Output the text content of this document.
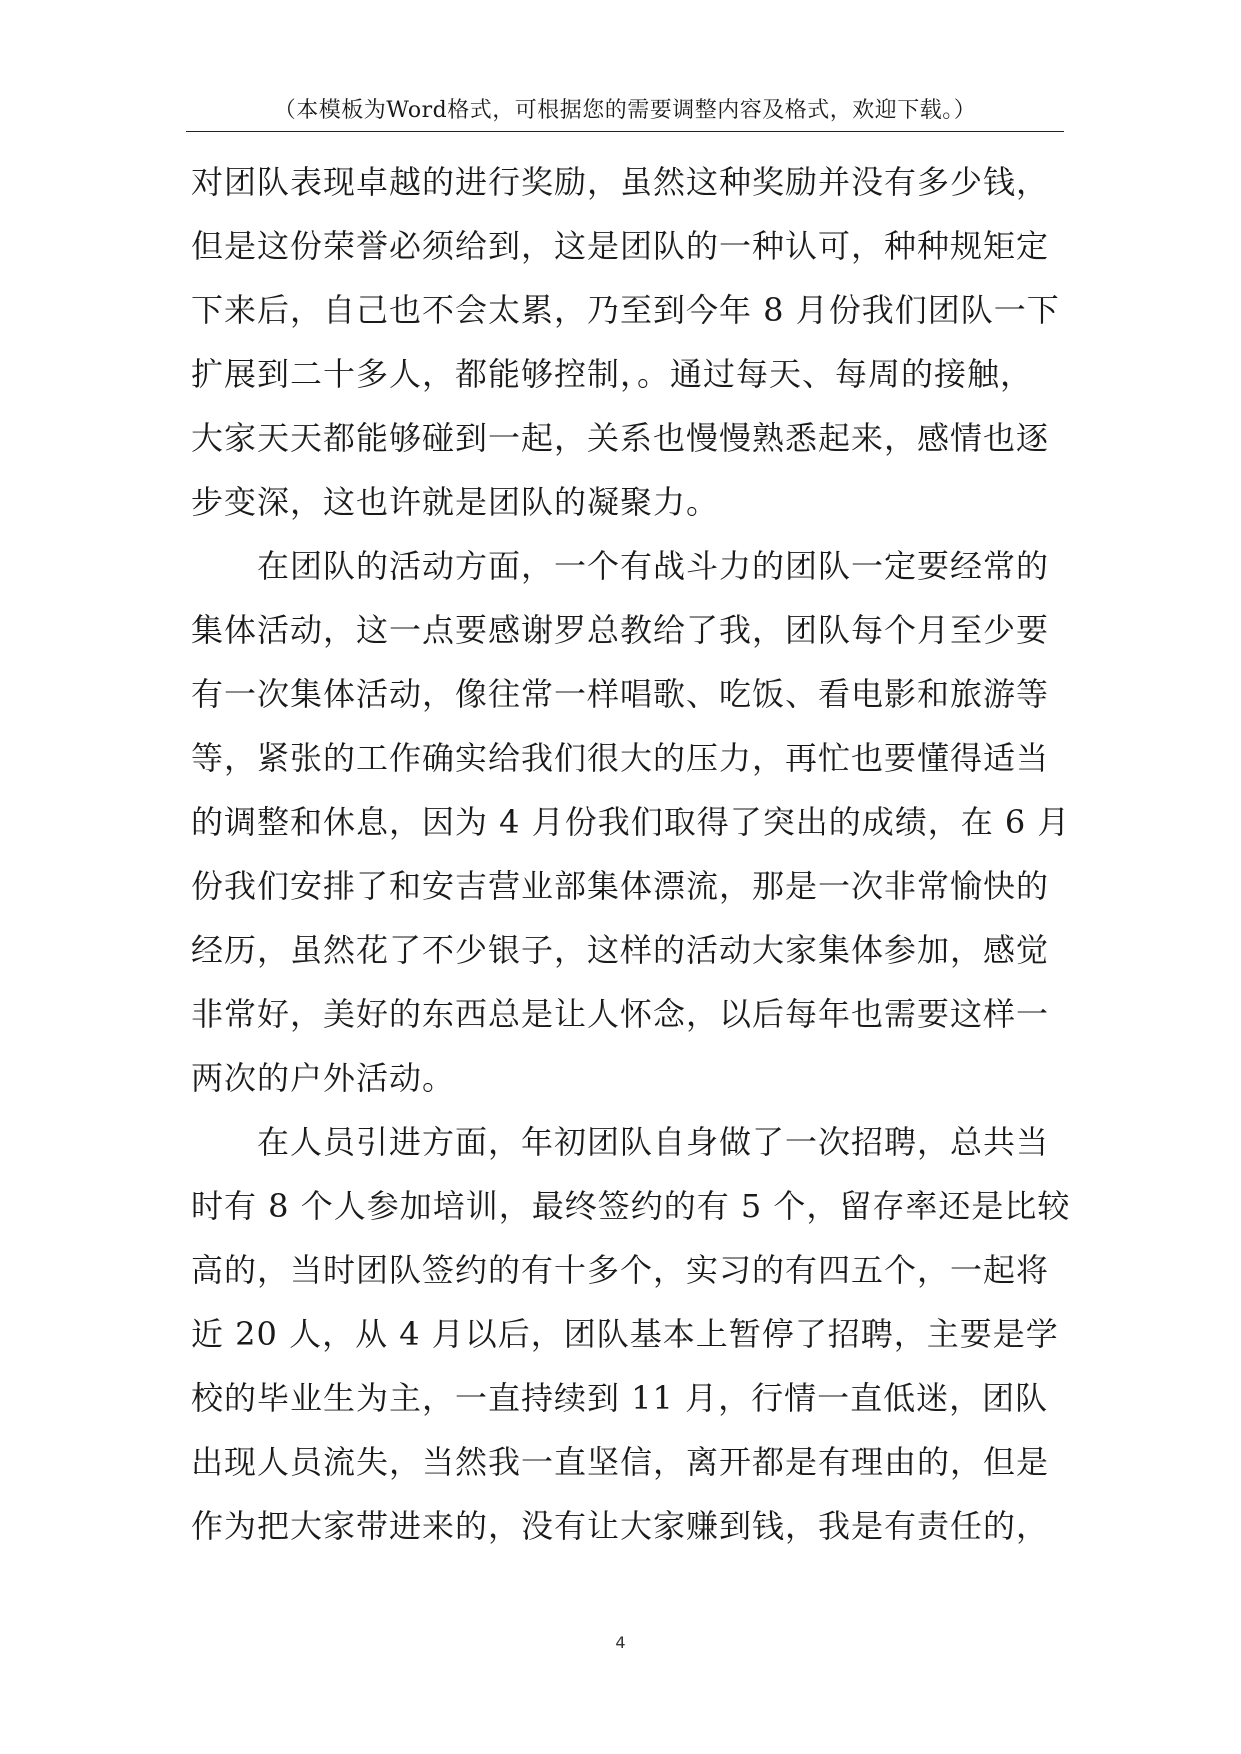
（本模板为Word格式，可根据您的需要调整内容及格式，欢迎下载。）
对团队表现卓越的进行奖励，虽然这种奖励并没有多少钱，
但是这份荣誉必须给到，这是团队的一种认可，种种规矩定
下来后，自己也不会太累，乃至到今年 8 月份我们团队一下
扩展到二十多人，都能够控制，。通过每天、每周的接触，
大家天天都能够碰到一起，关系也慢慢熟悉起来，感情也逐
步变深，这也许就是团队的凝聚力。
　　在团队的活动方面，一个有战斗力的团队一定要经常的
集体活动，这一点要感谢罗总教给了我，团队每个月至少要
有一次集体活动，像往常一样唱歌、吃饭、看电影和旅游等
等，紧张的工作确实给我们很大的压力，再忙也要懂得适当
的调整和休息，因为 4 月份我们取得了突出的成绩，在 6 月
份我们安排了和安吉营业部集体漂流，那是一次非常愉快的
经历，虽然花了不少银子，这样的活动大家集体参加，感觉
非常好，美好的东西总是让人怀念，以后每年也需要这样一
两次的户外活动。
　　在人员引进方面，年初团队自身做了一次招聘，总共当
时有 8 个人参加培训，最终签约的有 5 个，留存率还是比较
高的，当时团队签约的有十多个，实习的有四五个，一起将
近 20 人，从 4 月以后，团队基本上暂停了招聘，主要是学
校的毕业生为主，一直持续到 11 月，行情一直低迷，团队
出现人员流失，当然我一直坚信，离开都是有理由的，但是
作为把大家带进来的，没有让大家赚到钱，我是有责任的，
4
